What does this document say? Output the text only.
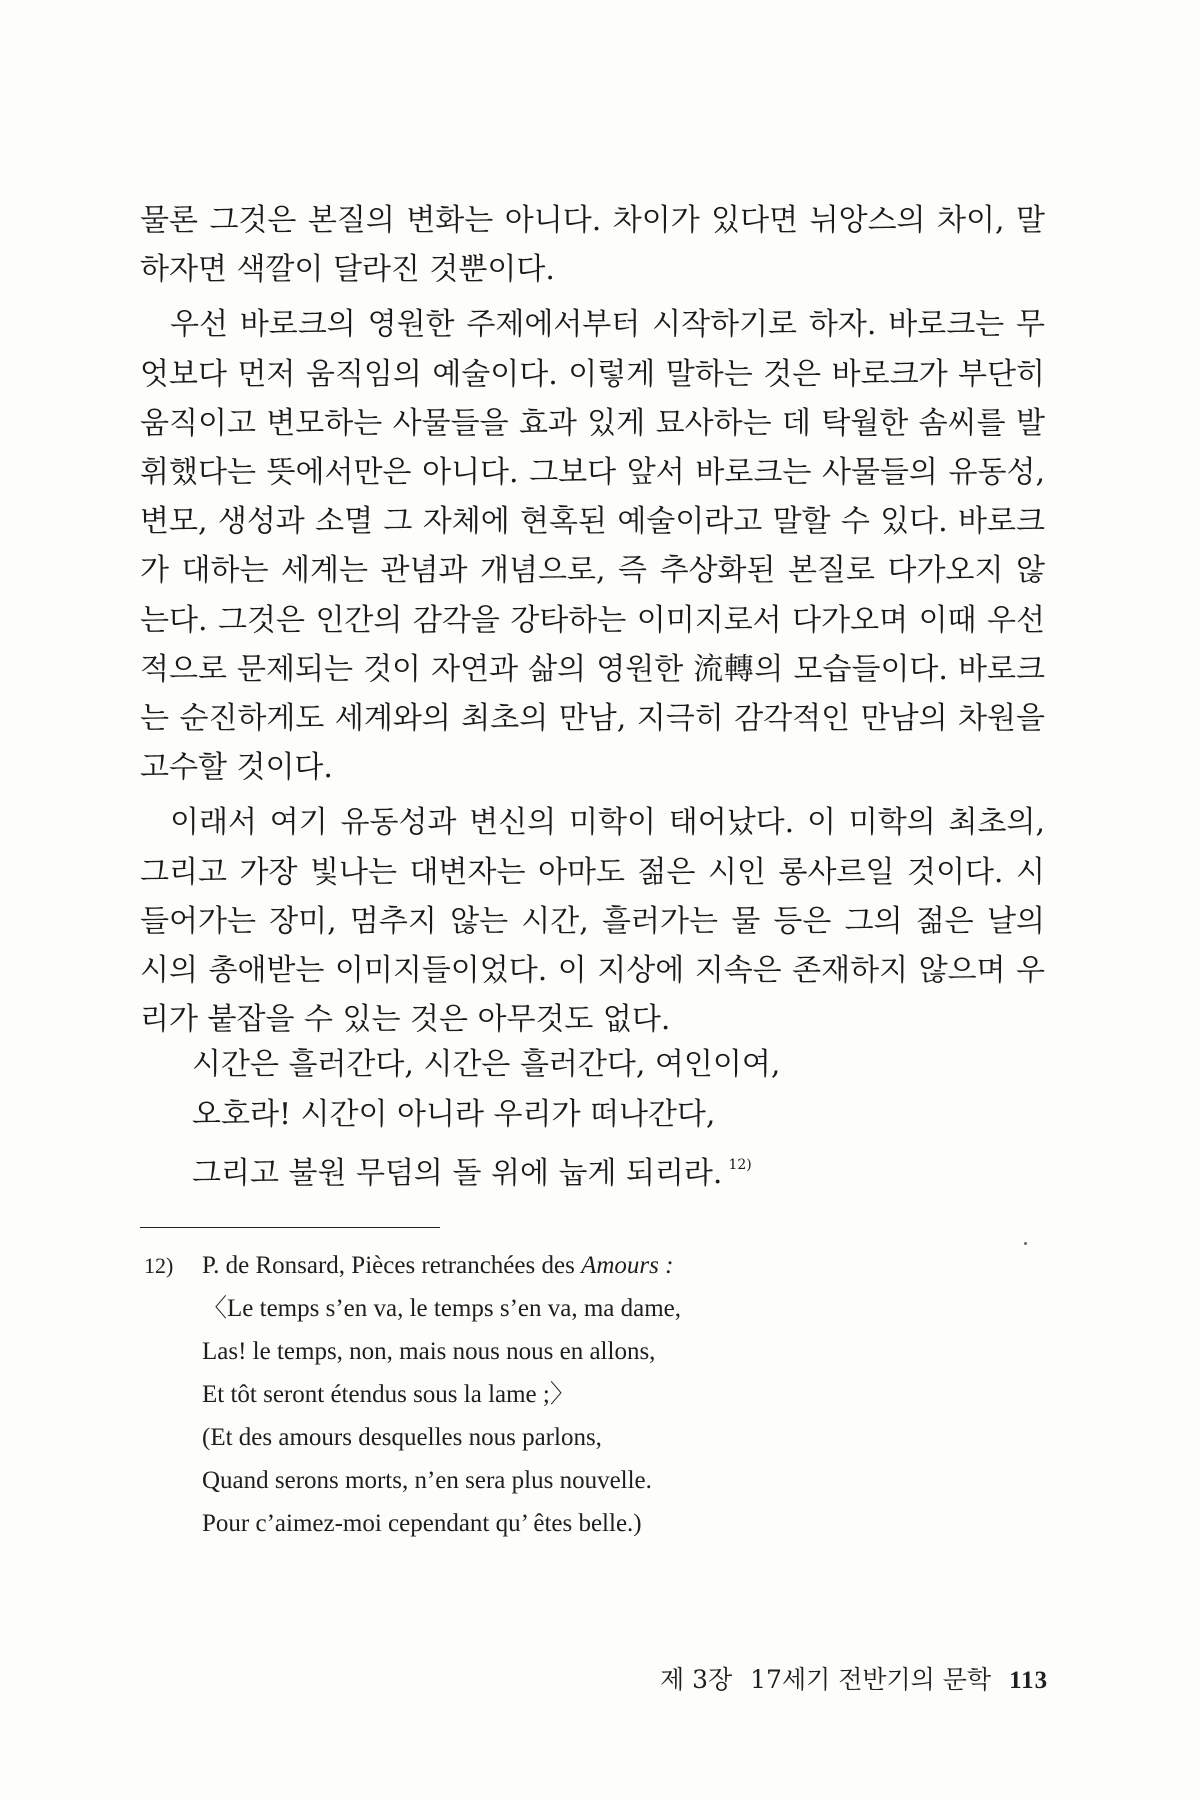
물론 그것은 본질의 변화는 아니다. 차이가 있다면 뉘앙스의 차이, 말하자면 색깔이 달라진 것뿐이다.

우선 바로크의 영원한 주제에서부터 시작하기로 하자. 바로크는 무엇보다 먼저 움직임의 예술이다. 이렇게 말하는 것은 바로크가 부단히 움직이고 변모하는 사물들을 효과 있게 묘사하는 데 탁월한 솜씨를 발휘했다는 뜻에서만은 아니다. 그보다 앞서 바로크는 사물들의 유동성, 변모, 생성과 소멸 그 자체에 현혹된 예술이라고 말할 수 있다. 바로크가 대하는 세계는 관념과 개념으로, 즉 추상화된 본질로 다가오지 않는다. 그것은 인간의 감각을 강타하는 이미지로서 다가오며 이때 우선적으로 문제되는 것이 자연과 삶의 영원한 流轉의 모습들이다. 바로크는 순진하게도 세계와의 최초의 만남, 지극히 감각적인 만남의 차원을 고수할 것이다.

이래서 여기 유동성과 변신의 미학이 태어났다. 이 미학의 최초의, 그리고 가장 빛나는 대변자는 아마도 젊은 시인 롱사르일 것이다. 시들어가는 장미, 멈추지 않는 시간, 흘러가는 물 등은 그의 젊은 날의 시의 총애받는 이미지들이었다. 이 지상에 지속은 존재하지 않으며 우리가 붙잡을 수 있는 것은 아무것도 없다.

시간은 흘러간다, 시간은 흘러간다, 여인이여,
오호라! 시간이 아니라 우리가 떠나간다,
그리고 불원 무덤의 돌 위에 눕게 되리라. $^{12)}$
12) P. de Ronsard, Pièces retranchées des Amours :
〈Le temps s’en va, le temps s’en va, ma dame,
Las! le temps, non, mais nous nous en allons,
Et tôt seront étendus sous la lame ;〉
(Et des amours desquelles nous parlons,
Quand serons morts, n’en sera plus nouvelle.
Pour c’aimez-moi cependant qu’ êtes belle.)
제 3장 17세기 전반기의 문학 113
